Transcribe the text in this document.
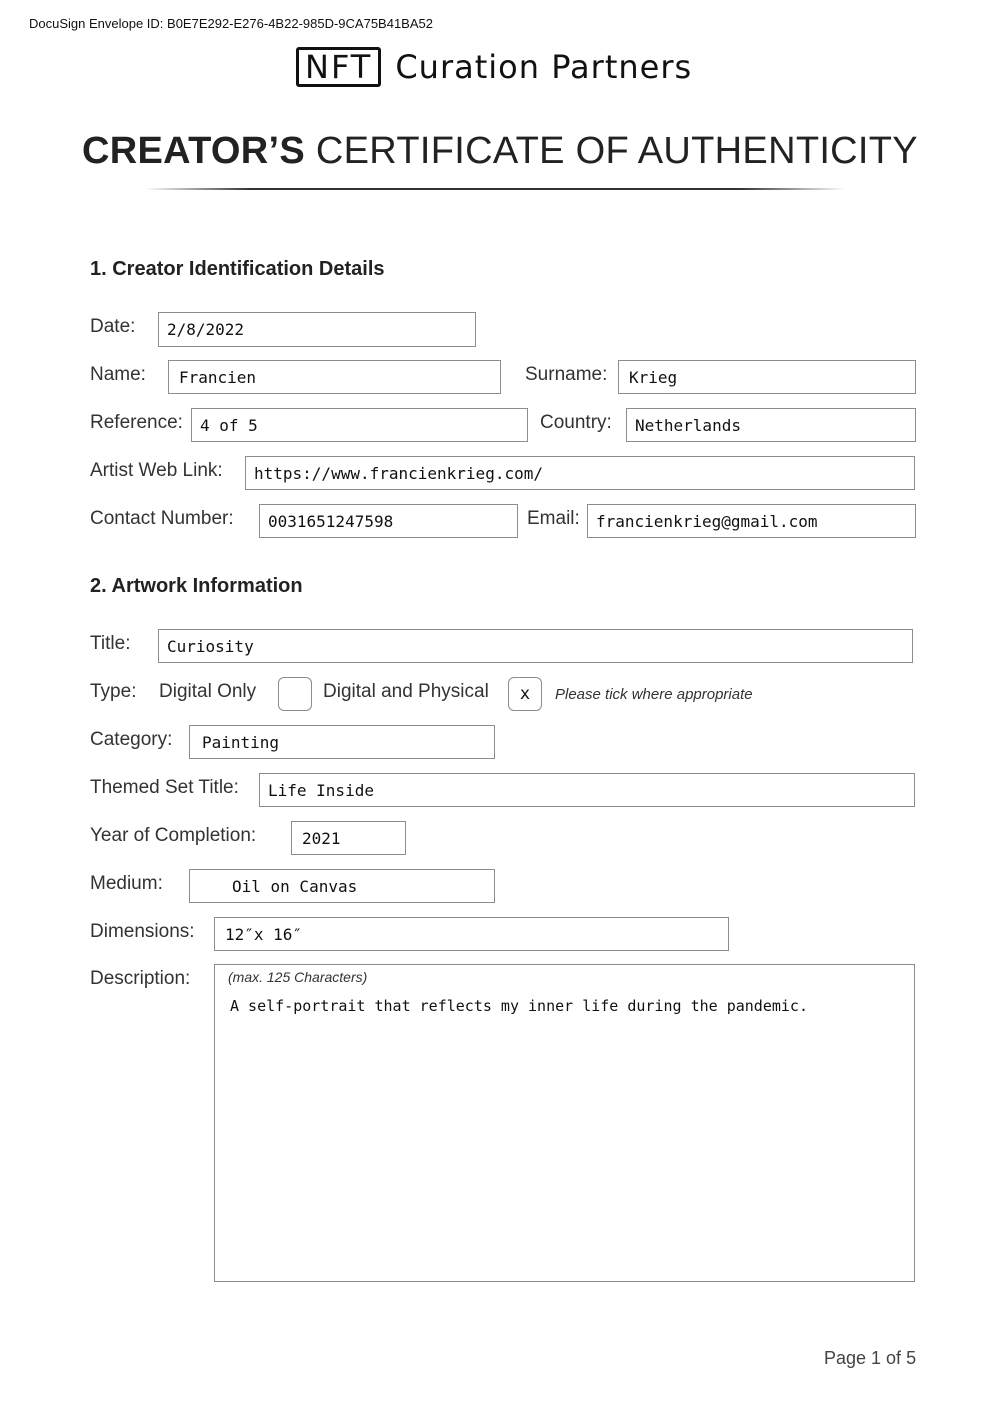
DocuSign Envelope ID: B0E7E292-E276-4B22-985D-9CA75B41BA52
NFT Curation Partners
CREATOR’S CERTIFICATE OF AUTHENTICITY
1. Creator Identification Details
Date:	2/8/2022
Name:	Francien	Surname:	Krieg
Reference:	4 of 5	Country:	Netherlands
Artist Web Link:	https://www.francienkrieg.com/
Contact Number:	0031651247598	Email:	francienkrieg@gmail.com
2. Artwork Information
Title:	Curiosity
Type: Digital Only	Digital and Physical	x	Please tick where appropriate
Category:	Painting
Themed Set Title:	Life Inside
Year of Completion:	2021
Medium:	Oil on Canvas
Dimensions:	12″x 16″
Description:	(max. 125 Characters)
A self-portrait that reflects my inner life during the pandemic.
Page 1 of 5
